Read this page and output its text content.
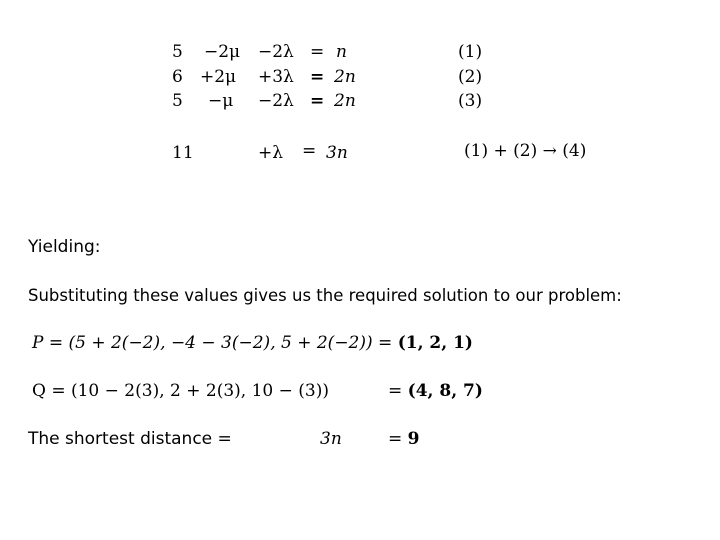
5 −2μ −2λ = n	(1)
6 +2μ +3λ = 2n	(2)
5 −μ −2λ = 2n	(3)
11	+λ = 3n	(1) + (2) → (4)
Yielding:
Substituting these values gives us the required solution to our problem:
P = (5 + 2(−2), −4 − 3(−2), 5 + 2(−2)) = (1, 2, 1)
Q = (10 − 2(3), 2 + 2(3), 10 − (3))	= (4, 8, 7)
The shortest distance =	3n	= 9
